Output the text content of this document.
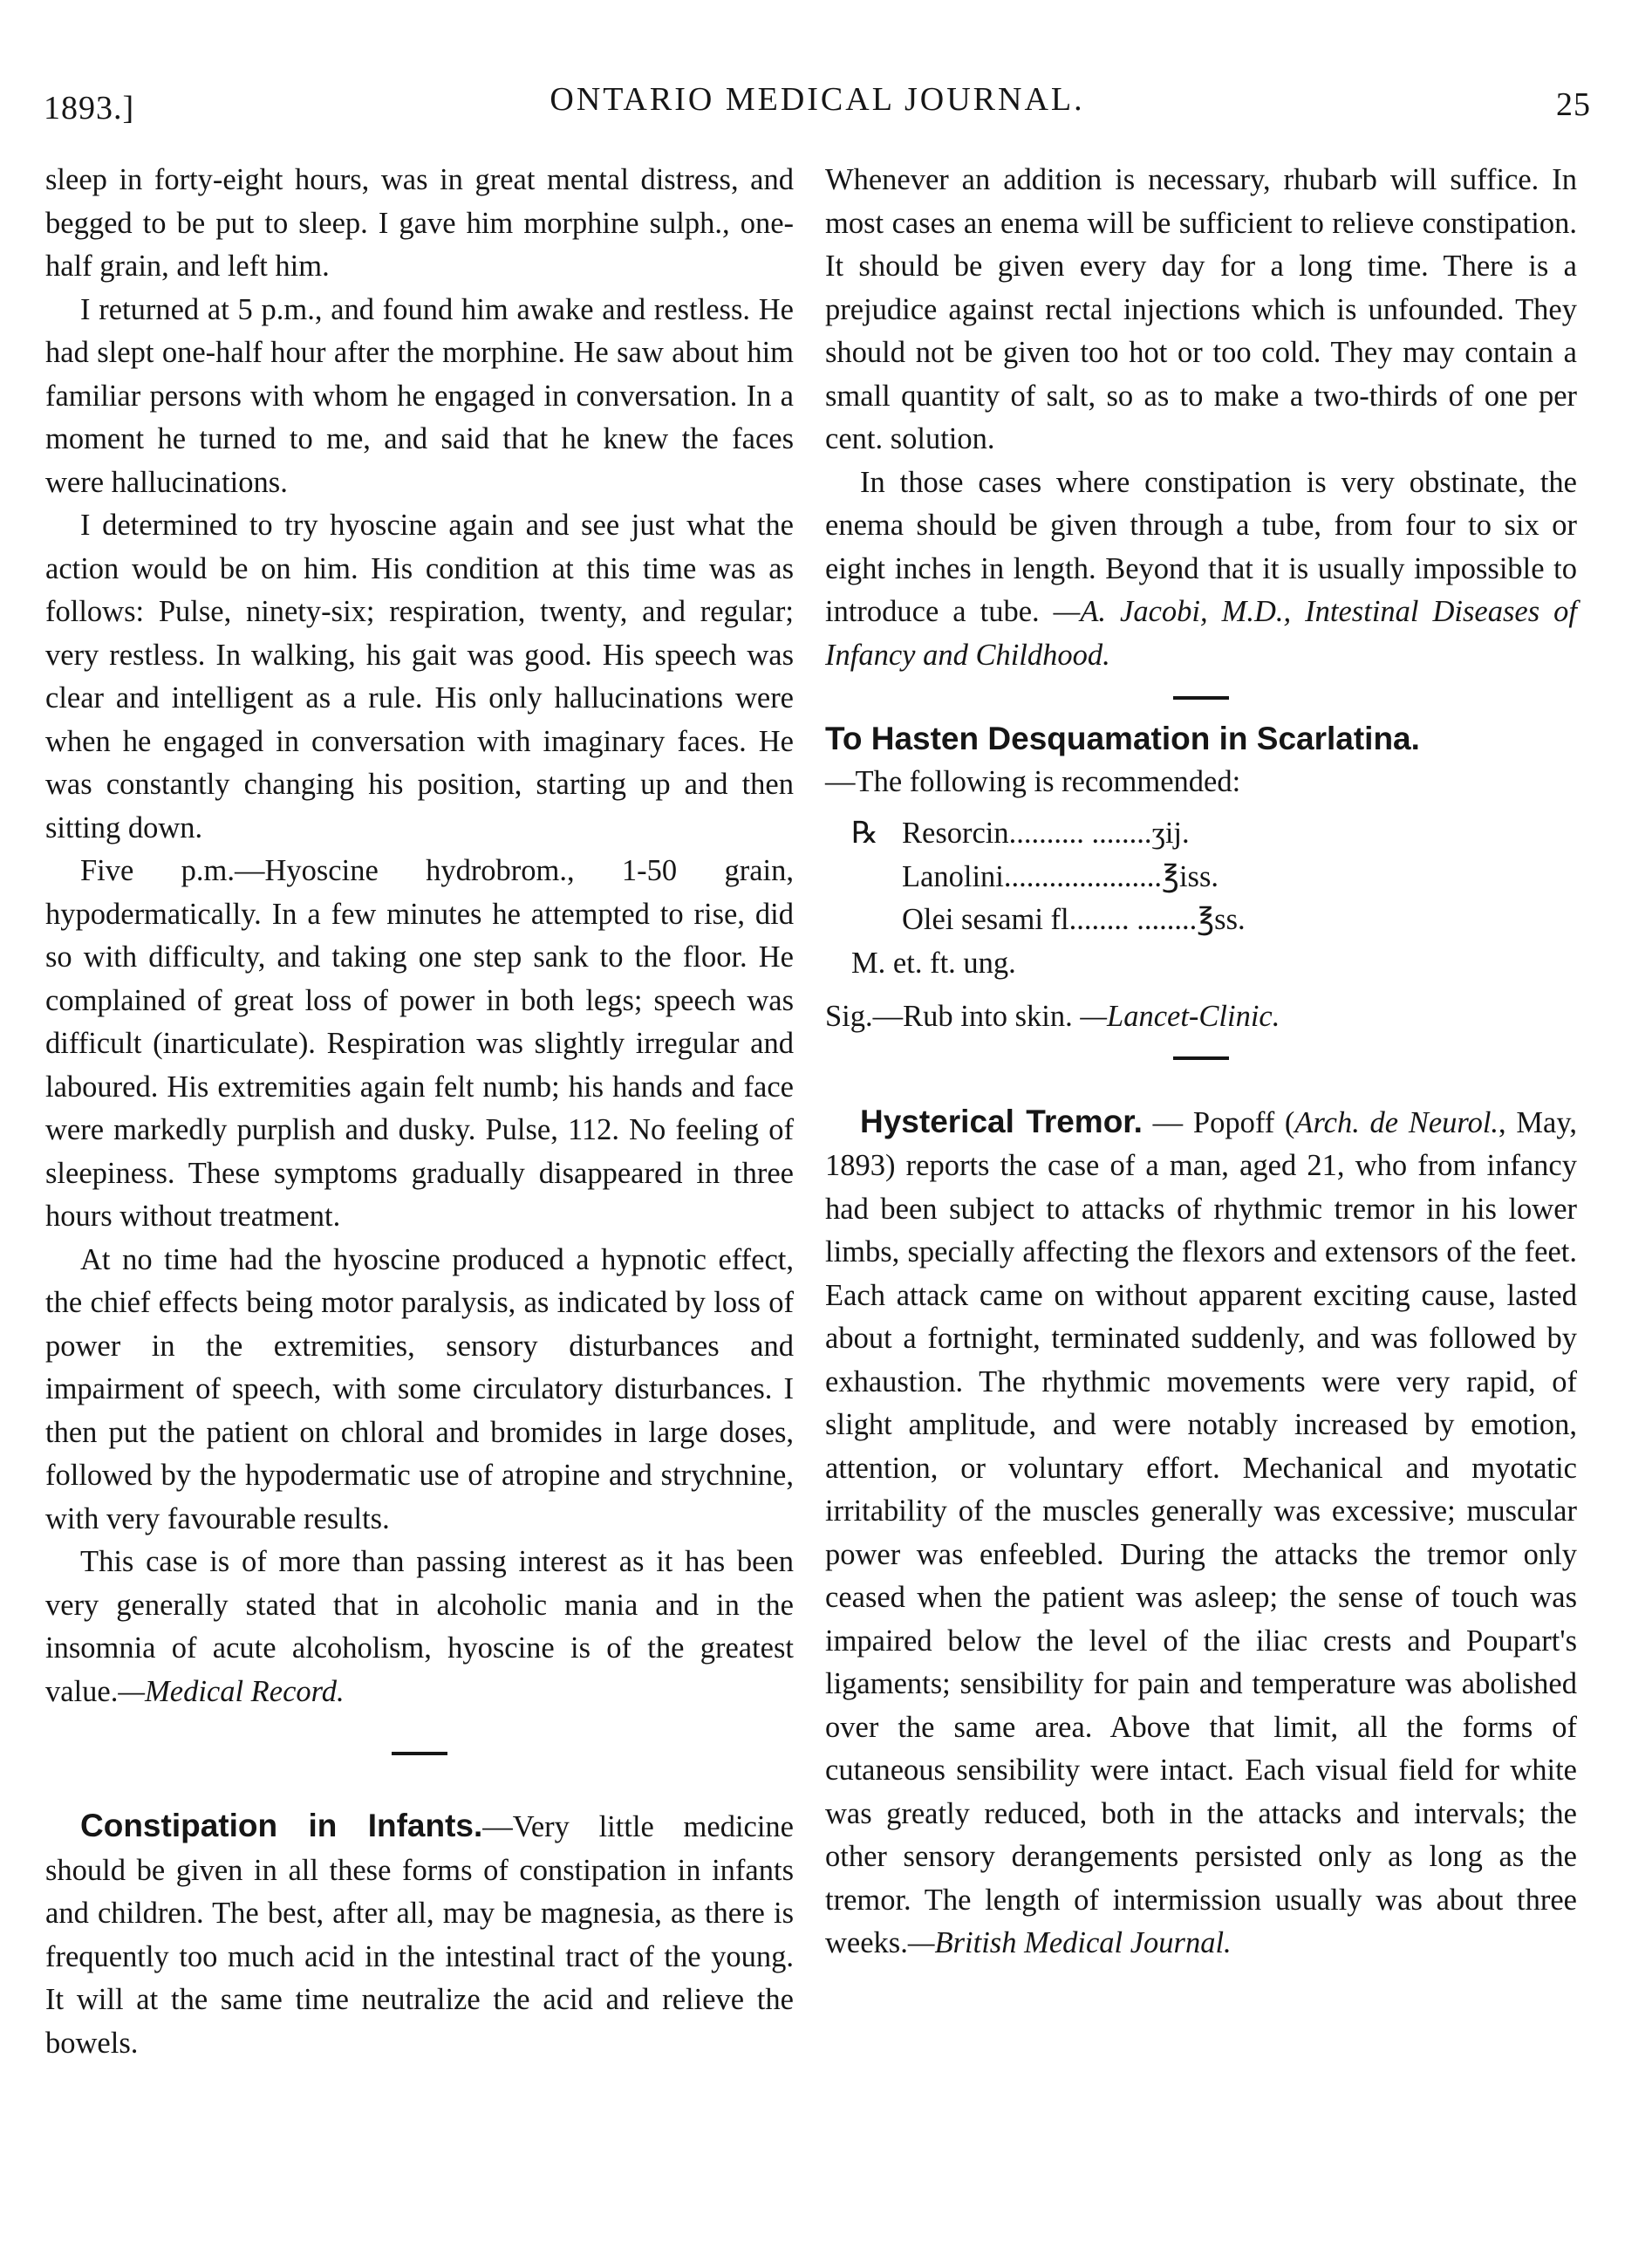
1893.]	ONTARIO MEDICAL JOURNAL.	25

sleep in forty-eight hours, was in great mental distress, and begged to be put to sleep. I gave him morphine sulph., one-half grain, and left him.

I returned at 5 p.m., and found him awake and restless. He had slept one-half hour after the morphine. He saw about him familiar persons with whom he engaged in conversation. In a moment he turned to me, and said that he knew the faces were hallucinations.

I determined to try hyoscine again and see just what the action would be on him. His condition at this time was as follows: Pulse, ninety-six; respiration, twenty, and regular; very restless. In walking, his gait was good. His speech was clear and intelligent as a rule. His only hallucinations were when he engaged in conversation with imaginary faces. He was constantly changing his position, starting up and then sitting down.

Five p.m.—Hyoscine hydrobrom., 1-50 grain, hypodermatically. In a few minutes he attempted to rise, did so with difficulty, and taking one step sank to the floor. He complained of great loss of power in both legs; speech was difficult (inarticulate). Respiration was slightly irregular and laboured. His extremities again felt numb; his hands and face were markedly purplish and dusky. Pulse, 112. No feeling of sleepiness. These symptoms gradually disappeared in three hours without treatment.

At no time had the hyoscine produced a hypnotic effect, the chief effects being motor paralysis, as indicated by loss of power in the extremities, sensory disturbances and impairment of speech, with some circulatory disturbances. I then put the patient on chloral and bromides in large doses, followed by the hypodermatic use of atropine and strychnine, with very favourable results.

This case is of more than passing interest as it has been very generally stated that in alcoholic mania and in the insomnia of acute alcoholism, hyoscine is of the greatest value.—Medical Record.

Constipation in Infants.—Very little medicine should be given in all these forms of constipation in infants and children. The best, after all, may be magnesia, as there is frequently too much acid in the intestinal tract of the young. It will at the same time neutralize the acid and relieve the bowels.

Whenever an addition is necessary, rhubarb will suffice. In most cases an enema will be sufficient to relieve constipation. It should be given every day for a long time. There is a prejudice against rectal injections which is unfounded. They should not be given too hot or too cold. They may contain a small quantity of salt, so as to make a two-thirds of one per cent. solution.

In those cases where constipation is very obstinate, the enema should be given through a tube, from four to six or eight inches in length. Beyond that it is usually impossible to introduce a tube. —A. Jacobi, M.D., Intestinal Diseases of Infancy and Childhood.

To Hasten Desquamation in Scarlatina.

—The following is recommended:

℞ Resorcin .......... ........ ʒij.
Lanolini ..................... ℥iss.
Olei sesami fl ........ ........ ℥ss.
M. et. ft. ung.

Sig.—Rub into skin. —Lancet-Clinic.

Hysterical Tremor. — Popoff (Arch. de Neurol., May, 1893) reports the case of a man, aged 21, who from infancy had been subject to attacks of rhythmic tremor in his lower limbs, specially affecting the flexors and extensors of the feet. Each attack came on without apparent exciting cause, lasted about a fortnight, terminated suddenly, and was followed by exhaustion. The rhythmic movements were very rapid, of slight amplitude, and were notably increased by emotion, attention, or voluntary effort. Mechanical and myotatic irritability of the muscles generally was excessive; muscular power was enfeebled. During the attacks the tremor only ceased when the patient was asleep; the sense of touch was impaired below the level of the iliac crests and Poupart's ligaments; sensibility for pain and temperature was abolished over the same area. Above that limit, all the forms of cutaneous sensibility were intact. Each visual field for white was greatly reduced, both in the attacks and intervals; the other sensory derangements persisted only as long as the tremor. The length of intermission usually was about three weeks.—British Medical Journal.
